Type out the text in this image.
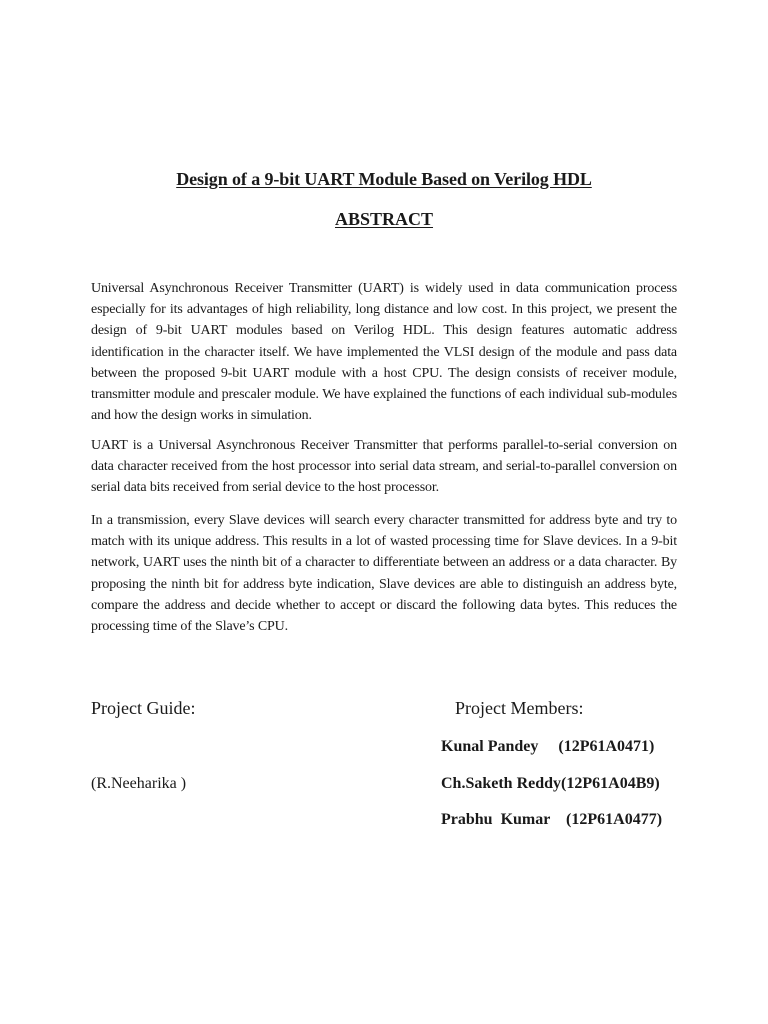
Design of a 9-bit UART Module Based on Verilog HDL
ABSTRACT

Universal Asynchronous Receiver Transmitter (UART) is widely used in data communication process especially for its advantages of high reliability, long distance and low cost. In this project, we present the design of 9-bit UART modules based on Verilog HDL. This design features automatic address identification in the character itself. We have implemented the VLSI design of the module and pass data between the proposed 9-bit UART module with a host CPU. The design consists of receiver module, transmitter module and prescaler module. We have explained the functions of each individual sub-modules and how the design works in simulation.

UART is a Universal Asynchronous Receiver Transmitter that performs parallel-to-serial conversion on data character received from the host processor into serial data stream, and serial-to-parallel conversion on serial data bits received from serial device to the host processor.

In a transmission, every Slave devices will search every character transmitted for address byte and try to match with its unique address. This results in a lot of wasted processing time for Slave devices. In a 9-bit network, UART uses the ninth bit of a character to differentiate between an address or a data character. By proposing the ninth bit for address byte indication, Slave devices are able to distinguish an address byte, compare the address and decide whether to accept or discard the following data bytes. This reduces the processing time of the Slave’s CPU.

Project Guide:	Project Members:
(R.Neeharika )
Kunal Pandey     (12P61A0471)
Ch.Saketh Reddy(12P61A04B9)
Prabhu  Kumar    (12P61A0477)
